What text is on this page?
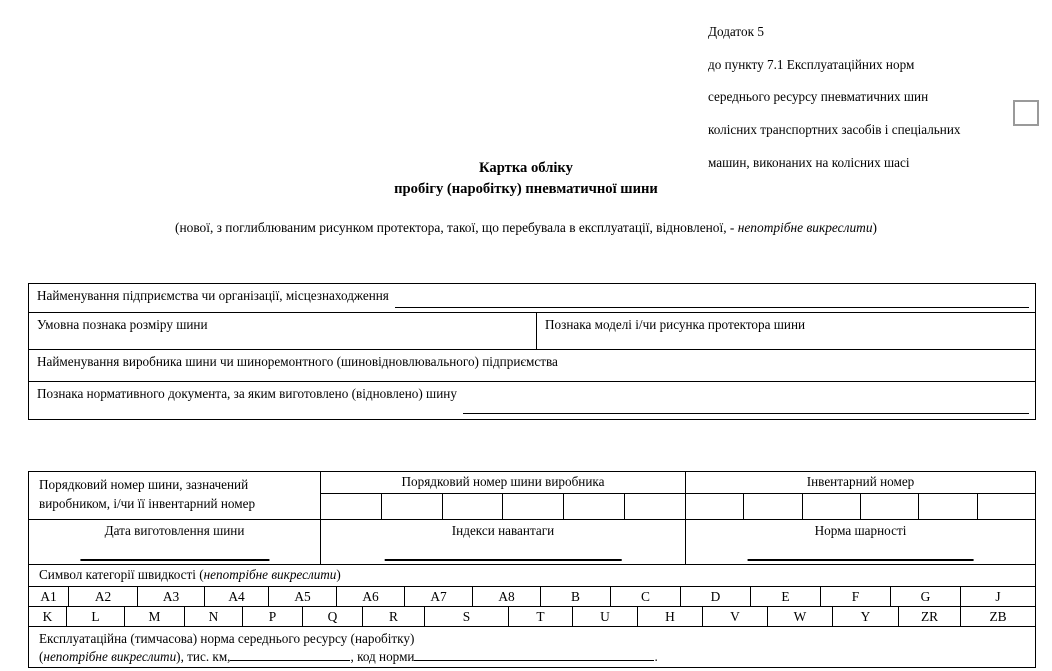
Додаток 5

до пункту 7.1 Експлуатаційних норм

середнього ресурсу пневматичних шин

колісних транспортних засобів і спеціальних

машин, виконаних на колісних шасі

Картка обліку
пробігу (наробітку) пневматичної шини
(нової, з поглиблюваним рисунком протектора, такої, що перебувала в експлуатації, відновленої, - непотрібне викреслити)
Найменування підприємства чи організації, місцезнаходження
Умовна познака розміру шини	Познака моделі і/чи рисунка протектора шини
Найменування виробника шини чи шиноремонтного (шиновідновлювального) підприємства
Познака нормативного документа, за яким виготовлено (відновлено) шину
Порядковий номер шини, зазначений виробником, і/чи її інвентарний номер
Порядковий номер шини виробника	Інвентарний номер
Дата виготовлення шини	Індекси навантаги	Норма шарності
Символ категорії швидкості (непотрібне викреслити)
A1	A2	A3	A4	A5	A6	A7	A8	B	C	D	E	F	G	J
K	L	M	N	P	Q	R	S	T	U	H	V	W	Y	ZR	ZB
Експлуатаційна (тимчасова) норма середнього ресурсу (наробітку)
(непотрібне викреслити), тис. км,	, код норми	.
